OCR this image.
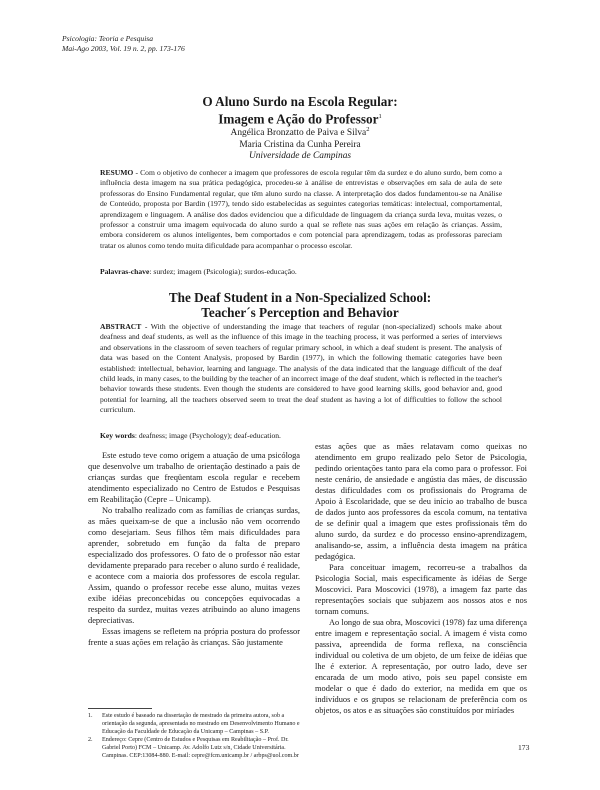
Psicologia: Teoria e Pesquisa
Mai-Ago 2003, Vol. 19 n. 2, pp. 173-176
O Aluno Surdo na Escola Regular:
Imagem e Ação do Professor$^1$
Angélica Bronzatto de Paiva e Silva$^2$
Maria Cristina da Cunha Pereira
Universidade de Campinas
RESUMO - Com o objetivo de conhecer a imagem que professores de escola regular têm da surdez e do aluno surdo, bem como a influência desta imagem na sua prática pedagógica, procedeu-se à análise de entrevistas e observações em sala de aula de sete professoras do Ensino Fundamental regular, que têm aluno surdo na classe. A interpretação dos dados fundamentou-se na Análise de Conteúdo, proposta por Bardin (1977), tendo sido estabelecidas as seguintes categorias temáticas: intelectual, comportamental, aprendizagem e linguagem. A análise dos dados evidenciou que a dificuldade de linguagem da criança surda leva, muitas vezes, o professor a construir uma imagem equivocada do aluno surdo a qual se reflete nas suas ações em relação às crianças. Assim, embora considerem os alunos inteligentes, bem comportados e com potencial para aprendizagem, todas as professoras pareciam tratar os alunos como tendo muita dificuldade para acompanhar o processo escolar.
Palavras-chave: surdez; imagem (Psicologia); surdos-educação.
The Deaf Student in a Non-Specialized School:
Teacher´s Perception and Behavior
ABSTRACT - With the objective of understanding the image that teachers of regular (non-specialized) schools make about deafness and deaf students, as well as the influence of this image in the teaching process, it was performed a series of interviews and observations in the classroom of seven teachers of regular primary school, in which a deaf student is present. The analysis of data was based on the Content Analysis, proposed by Bardin (1977), in which the following thematic categories have been established: intellectual, behavior, learning and language. The analysis of the data indicated that the language difficult of the deaf child leads, in many cases, to the building by the teacher of an incorrect image of the deaf student, which is reflected in the teacher's behavior towards these students. Even though the students are considered to have good learning skills, good behavior and, good potential for learning, all the teachers observed seem to treat the deaf student as having a lot of difficulties to follow the school curriculum.
Key words: deafness; image (Psychology); deaf-education.

Este estudo teve como origem a atuação de uma psicóloga que desenvolve um trabalho de orientação destinado a pais de crianças surdas que freqüentam escola regular e recebem atendimento especializado no Centro de Estudos e Pesquisas em Reabilitação (Cepre – Unicamp).

No trabalho realizado com as famílias de crianças surdas, as mães queixam-se de que a inclusão não vem ocorrendo como desejariam. Seus filhos têm mais dificuldades para aprender, sobretudo em função da falta de preparo especializado dos professores. O fato de o professor não estar devidamente preparado para receber o aluno surdo é realidade, e acontece com a maioria dos professores de escola regular. Assim, quando o professor recebe esse aluno, muitas vezes exibe idéias preconcebidas ou concepções equivocadas a respeito da surdez, muitas vezes atribuindo ao aluno imagens depreciativas.

Essas imagens se refletem na própria postura do professor frente a suas ações em relação às crianças. São justamente

estas ações que as mães relatavam como queixas no atendimento em grupo realizado pelo Setor de Psicologia, pedindo orientações tanto para ela como para o professor. Foi neste cenário, de ansiedade e angústia das mães, de discussão destas dificuldades com os profissionais do Programa de Apoio à Escolaridade, que se deu início ao trabalho de busca de dados junto aos professores da escola comum, na tentativa de se definir qual a imagem que estes profissionais têm do aluno surdo, da surdez e do processo ensino-aprendizagem, analisando-se, assim, a influência desta imagem na prática pedagógica.

Para conceituar imagem, recorreu-se a trabalhos da Psicologia Social, mais especificamente às idéias de Serge Moscovici. Para Moscovici (1978), a imagem faz parte das representações sociais que subjazem aos nossos atos e nos tornam comuns.

Ao longo de sua obra, Moscovici (1978) faz uma diferença entre imagem e representação social. A imagem é vista como passiva, apreendida de forma reflexa, na consciência individual ou coletiva de um objeto, de um feixe de idéias que lhe é exterior. A representação, por outro lado, deve ser encarada de um modo ativo, pois seu papel consiste em modelar o que é dado do exterior, na medida em que os indivíduos e os grupos se relacionam de preferência com os objetos, os atos e as situações são constituídos por miríades

1.	Este estudo é baseado na dissertação de mestrado da primeira autora, sob a orientação da segunda, apresentada no mestrado em Desenvolvimento Humano e Educação da Faculdade de Educação da Unicamp – Campinas – S.P.
2.	Endereço: Cepre (Centro de Estudos e Pesquisas em Reabilitação – Prof. Dr. Gabriel Porto) FCM – Unicamp. Av. Adolfo Lutz s/n, Cidade Universitária. Campinas. CEP:13084-880. E-mail: cepre@fcm.unicamp.br / arbps@uol.com.br
173
